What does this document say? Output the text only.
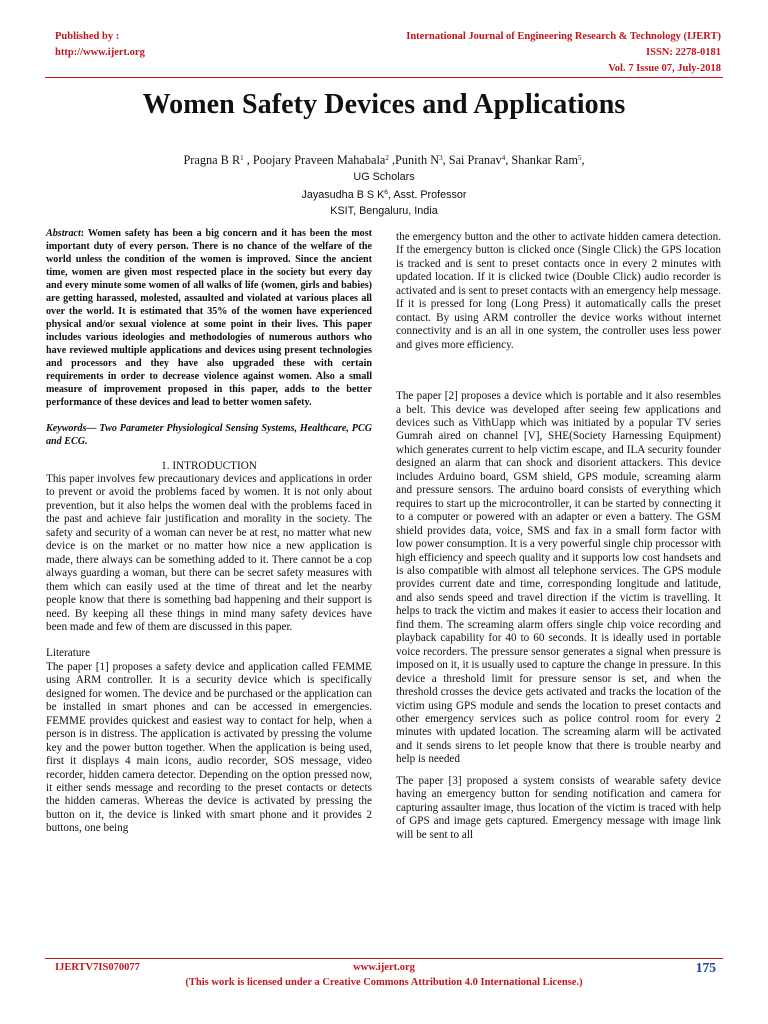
Published by :
http://www.ijert.org
International Journal of Engineering Research & Technology (IJERT)
ISSN: 2278-0181
Vol. 7 Issue 07, July-2018
Women Safety Devices and Applications
Pragna B $R^1$ , Poojary Praveen Mahabala$^2$ ,Punith $N^3$, Sai Pranav$^4$, Shankar Ram$^5$,
UG Scholars
Jayasudha B S $K^6$, Asst. Professor
KSIT, Bengaluru, India

Abstract: Women safety has been a big concern and it has been the most important duty of every person. There is no chance of the welfare of the world unless the condition of the women is improved. Since the ancient time, women are given most respected place in the society but every day and every minute some women of all walks of life (women, girls and babies) are getting harassed, molested, assaulted and violated at various places all over the world. It is estimated that 35% of the women have experienced physical and/or sexual violence at some point in their lives. This paper includes various ideologies and methodologies of numerous authors who have reviewed multiple applications and devices using present technologies and processors and they have also upgraded these with certain requirements in order to decrease violence against women. Also a small measure of improvement proposed in this paper, adds to the better performance of these devices and lead to better women safety.

Keywords— Two Parameter Physiological Sensing Systems, Healthcare, PCG and ECG.

1. INTRODUCTION

This paper involves few precautionary devices and applications in order to prevent or avoid the problems faced by women. It is not only about prevention, but it also helps the women deal with the problems faced in the past and achieve fair justification and morality in the society. The safety and security of a woman can never be at rest, no matter what new device is on the market or no matter how nice a new application is made, there always can be something added to it. There cannot be a cop always guarding a woman, but there can be secret safety measures with them which can easily used at the time of threat and let the nearby people know that there is something bad happening and their support is need. By keeping all these things in mind many safety devices have been made and few of them are discussed in this paper.

Literature

The paper [1] proposes a safety device and application called FEMME using ARM controller. It is a security device which is specifically designed for women. The device and be purchased or the application can be installed in smart phones and can be accessed in emergencies. FEMME provides quickest and easiest way to contact for help, when a person is in distress. The application is activated by pressing the volume key and the power button together. When the application is being used, first it displays 4 main icons, audio recorder, SOS message, video recorder, hidden camera detector. Depending on the option pressed now, it either sends message and recording to the preset contacts or detects the hidden cameras. Whereas the device is activated by pressing the button on it, the device is linked with smart phone and it provides 2 buttons, one being

the emergency button and the other to activate hidden camera detection. If the emergency button is clicked once (Single Click) the GPS location is tracked and is sent to preset contacts once in every 2 minutes with updated location. If it is clicked twice (Double Click) audio recorder is activated and is sent to preset contacts with an emergency help message. If it is pressed for long (Long Press) it automatically calls the preset contact. By using ARM controller the device works without internet connectivity and is an all in one system, the controller uses less power and gives more efficiency.

The paper [2] proposes a device which is portable and it also resembles a belt. This device was developed after seeing few applications and devices such as VithUapp which was initiated by a popular TV series Gumrah aired on channel [V], SHE(Society Harnessing Equipment) which generates current to help victim escape, and ILA security founder designed an alarm that can shock and disorient attackers. This device includes Arduino board, GSM shield, GPS module, screaming alarm and pressure sensors. The arduino board consists of everything which requires to start up the microcontroller, it can be started by connecting it to a computer or powered with an adapter or even a battery. The GSM shield provides data, voice, SMS and fax in a small form factor with low power consumption. It is a very powerful single chip processor with high efficiency and speech quality and it supports low cost handsets and is also compatible with almost all telephone services. The GPS module provides current date and time, corresponding longitude and latitude, and also sends speed and travel direction if the victim is travelling. It helps to track the victim and makes it easier to access their location and find them. The screaming alarm offers single chip voice recording and playback capability for 40 to 60 seconds. It is ideally used in portable voice recorders. The pressure sensor generates a signal when pressure is imposed on it, it is usually used to capture the change in pressure. In this device a threshold limit for pressure sensor is set, and when the threshold crosses the device gets activated and tracks the location of the victim using GPS module and sends the location to preset contacts and other emergency services such as police control room for every 2 minutes with updated location. The screaming alarm will be activated and it sends sirens to let people know that there is trouble nearby and help is needed

The paper [3] proposed a system consists of wearable safety device having an emergency button for sending notification and camera for capturing assaulter image, thus location of the victim is traced with help of GPS and image gets captured. Emergency message with image link will be sent to all

IJERTV7IS070077	www.ijert.org
(This work is licensed under a Creative Commons Attribution 4.0 International License.)
175
